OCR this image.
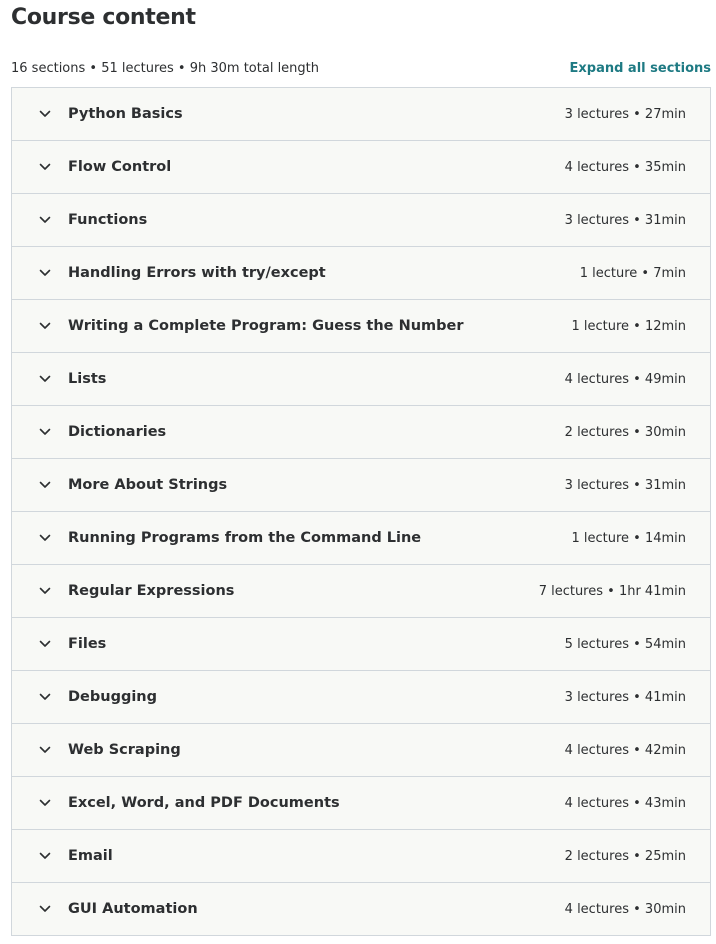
Course content
16 sections • 51 lectures • 9h 30m total length	Expand all sections
Python Basics	3 lectures • 27min
Flow Control	4 lectures • 35min
Functions	3 lectures • 31min
Handling Errors with try/except	1 lecture • 7min
Writing a Complete Program: Guess the Number	1 lecture • 12min
Lists	4 lectures • 49min
Dictionaries	2 lectures • 30min
More About Strings	3 lectures • 31min
Running Programs from the Command Line	1 lecture • 14min
Regular Expressions	7 lectures • 1hr 41min
Files	5 lectures • 54min
Debugging	3 lectures • 41min
Web Scraping	4 lectures • 42min
Excel, Word, and PDF Documents	4 lectures • 43min
Email	2 lectures • 25min
GUI Automation	4 lectures • 30min
